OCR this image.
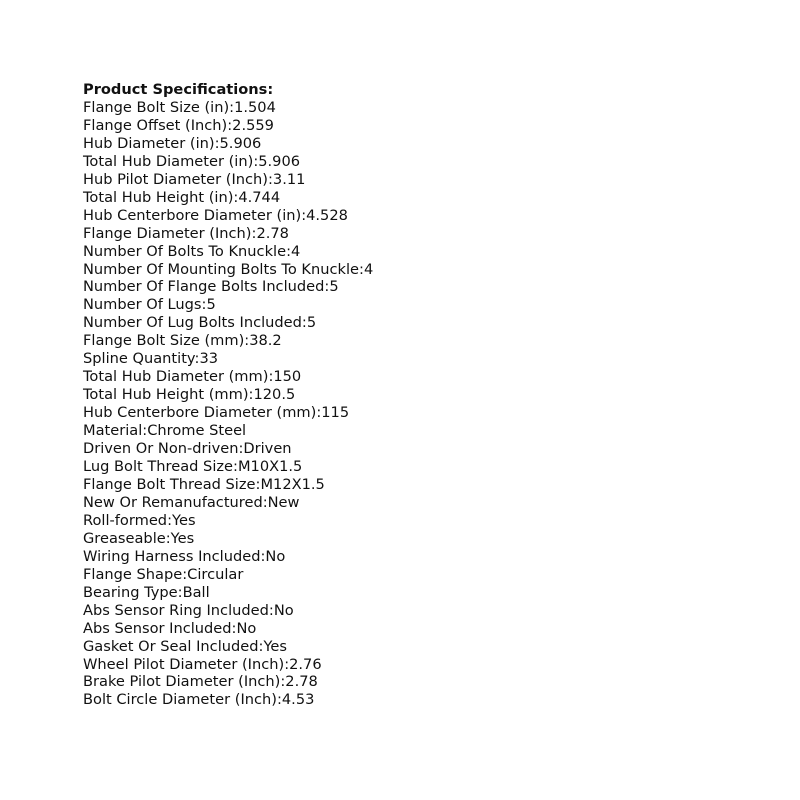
Product Specifications:
Flange Bolt Size (in):1.504
Flange Offset (Inch):2.559
Hub Diameter (in):5.906
Total Hub Diameter (in):5.906
Hub Pilot Diameter (Inch):3.11
Total Hub Height (in):4.744
Hub Centerbore Diameter (in):4.528
Flange Diameter (Inch):2.78
Number Of Bolts To Knuckle:4
Number Of Mounting Bolts To Knuckle:4
Number Of Flange Bolts Included:5
Number Of Lugs:5
Number Of Lug Bolts Included:5
Flange Bolt Size (mm):38.2
Spline Quantity:33
Total Hub Diameter (mm):150
Total Hub Height (mm):120.5
Hub Centerbore Diameter (mm):115
Material:Chrome Steel
Driven Or Non-driven:Driven
Lug Bolt Thread Size:M10X1.5
Flange Bolt Thread Size:M12X1.5
New Or Remanufactured:New
Roll-formed:Yes
Greaseable:Yes
Wiring Harness Included:No
Flange Shape:Circular
Bearing Type:Ball
Abs Sensor Ring Included:No
Abs Sensor Included:No
Gasket Or Seal Included:Yes
Wheel Pilot Diameter (Inch):2.76
Brake Pilot Diameter (Inch):2.78
Bolt Circle Diameter (Inch):4.53
